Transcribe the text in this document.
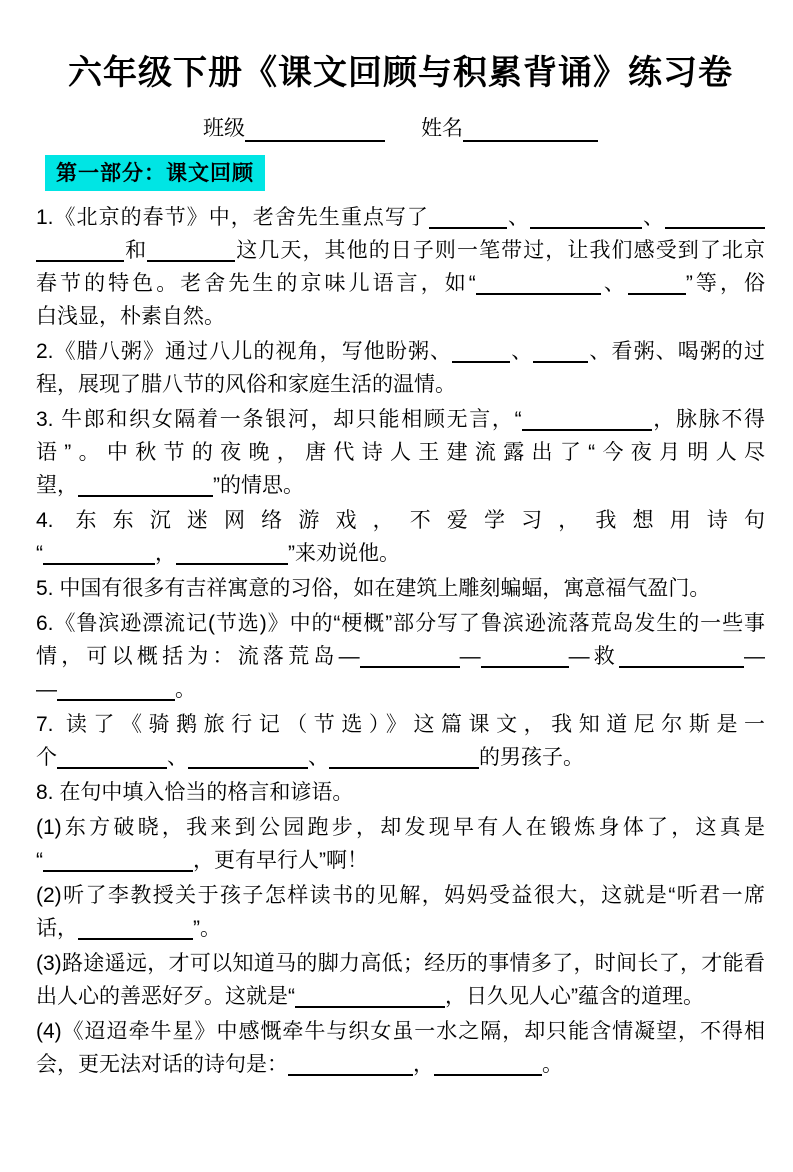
六年级下册《课文回顾与积累背诵》练习卷
班级	姓名
第一部分：课文回顾
1.《北京的春节》中，老舍先生重点写了	、	、
和	这几天，其他的日子则一笔带过，让我们感受到了北京
春节的特色。老舍先生的京味儿语言，如“	、	”等，俗
白浅显，朴素自然。
2.《腊八粥》通过八儿的视角，写他盼粥、	、	、看粥、喝粥的过
程，展现了腊八节的风俗和家庭生活的温情。
3. 牛郎和织女隔着一条银河，却只能相顾无言，“	，脉脉不得
语”。中秋节的夜晚，唐代诗人王建流露出了“今夜月明人尽
望，	”的情思。
4. 东东沉迷网络游戏，不爱学习，我想用诗句
“	，	”来劝说他。
5. 中国有很多有吉祥寓意的习俗，如在建筑上雕刻蝙蝠，寓意福气盈门。
6.《鲁滨逊漂流记(节选)》中的“梗概”部分写了鲁滨逊流落荒岛发生的一些事
情，可以概括为：流落荒岛—	—	—救	—
—	。
7. 读了《骑鹅旅行记（节选）》这篇课文，我知道尼尔斯是一
个	、	、	的男孩子。
8. 在句中填入恰当的格言和谚语。
(1)东方破晓，我来到公园跑步，却发现早有人在锻炼身体了，这真是
“	，更有早行人”啊！
(2)听了李教授关于孩子怎样读书的见解，妈妈受益很大，这就是“听君一席
话，	”。
(3)路途遥远，才可以知道马的脚力高低；经历的事情多了，时间长了，才能看
出人心的善恶好歹。这就是“	，日久见人心”蕴含的道理。
(4)《迢迢牵牛星》中感慨牵牛与织女虽一水之隔，却只能含情凝望，不得相
会，更无法对话的诗句是：	，	。
